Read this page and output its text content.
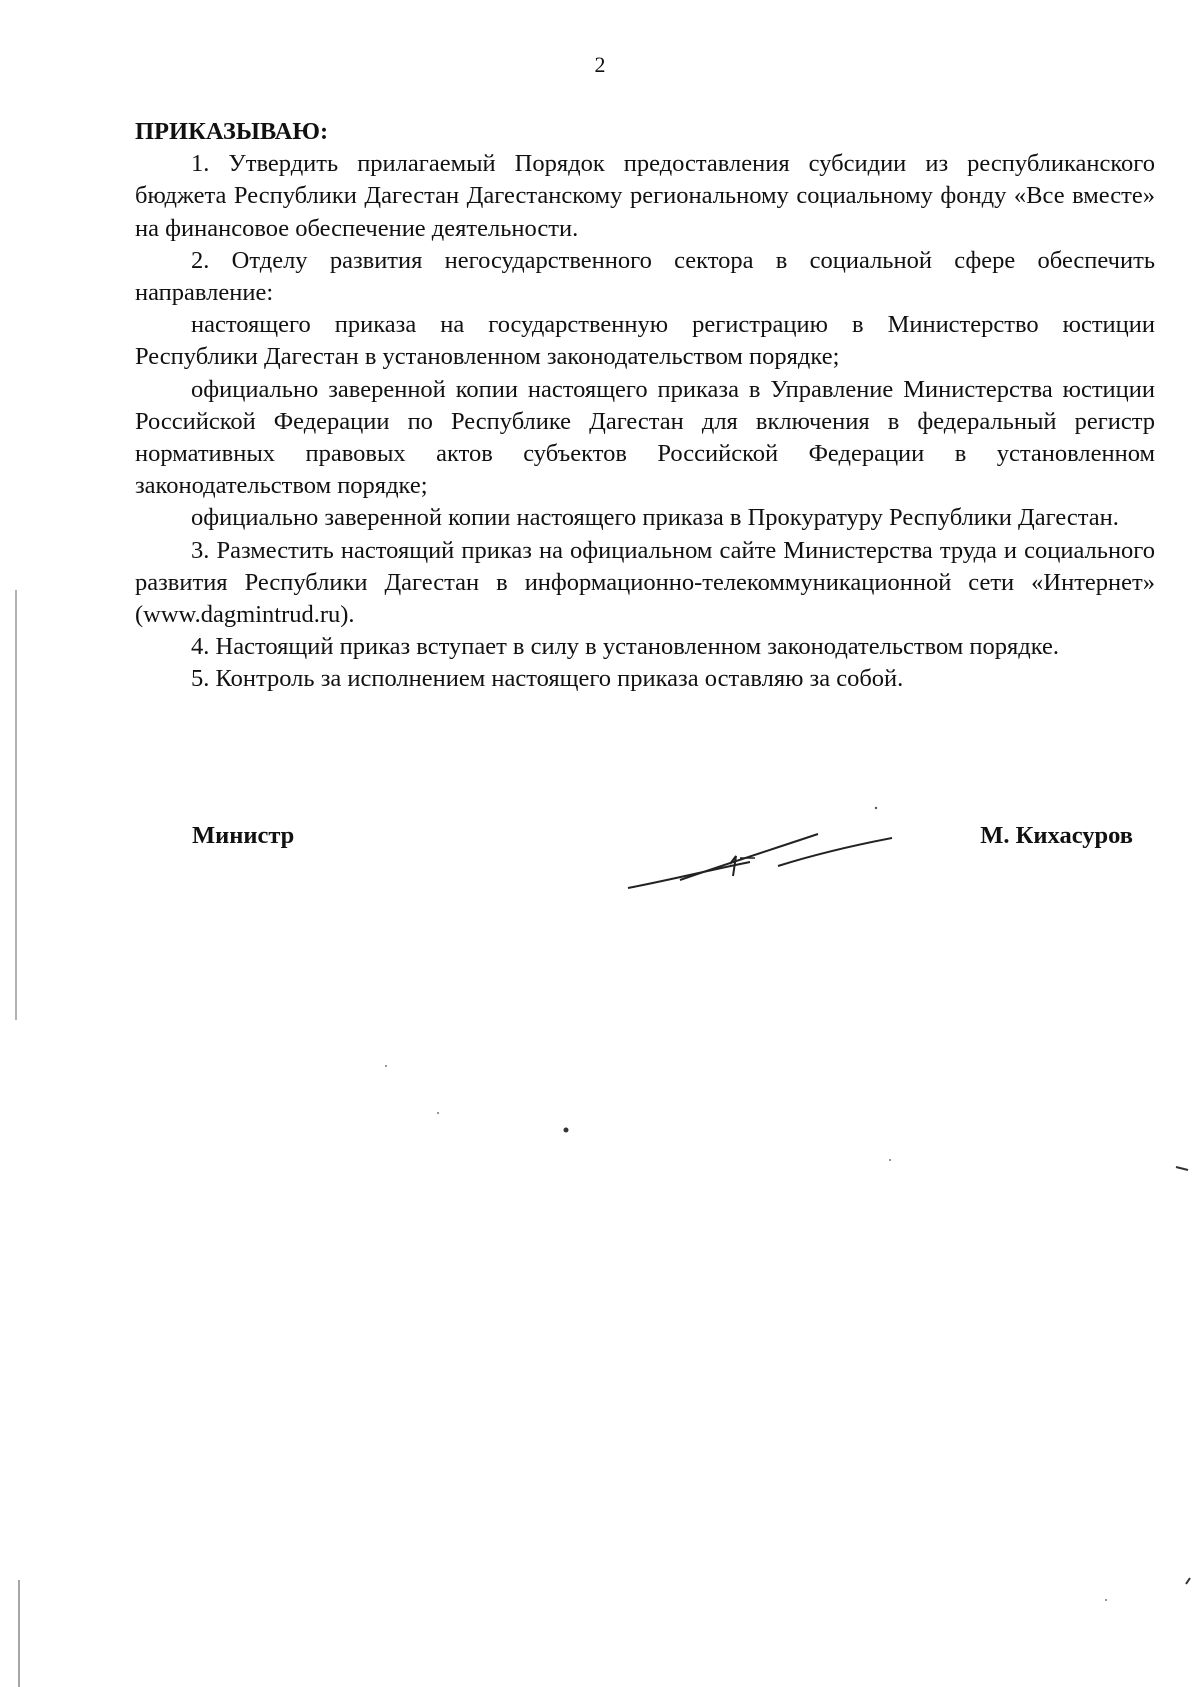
2

ПРИКАЗЫВАЮ:

1. Утвердить прилагаемый Порядок предоставления субсидии из республиканского бюджета Республики Дагестан Дагестанскому региональному социальному фонду «Все вместе» на финансовое обеспечение деятельности.

2. Отделу развития негосударственного сектора в социальной сфере обеспечить направление:

настоящего приказа на государственную регистрацию в Министерство юстиции Республики Дагестан в установленном законодательством порядке;

официально заверенной копии настоящего приказа в Управление Министерства юстиции Российской Федерации по Республике Дагестан для включения в федеральный регистр нормативных правовых актов субъектов Российской Федерации в установленном законодательством порядке;

официально заверенной копии настоящего приказа в Прокуратуру Республики Дагестан.

3. Разместить настоящий приказ на официальном сайте Министерства труда и социального развития Республики Дагестан в информационно-телекоммуникационной сети «Интернет» (www.dagmintrud.ru).

4. Настоящий приказ вступает в силу в установленном законодательством порядке.

5. Контроль за исполнением настоящего приказа оставляю за собой.

Министр	М. Кихасуров
